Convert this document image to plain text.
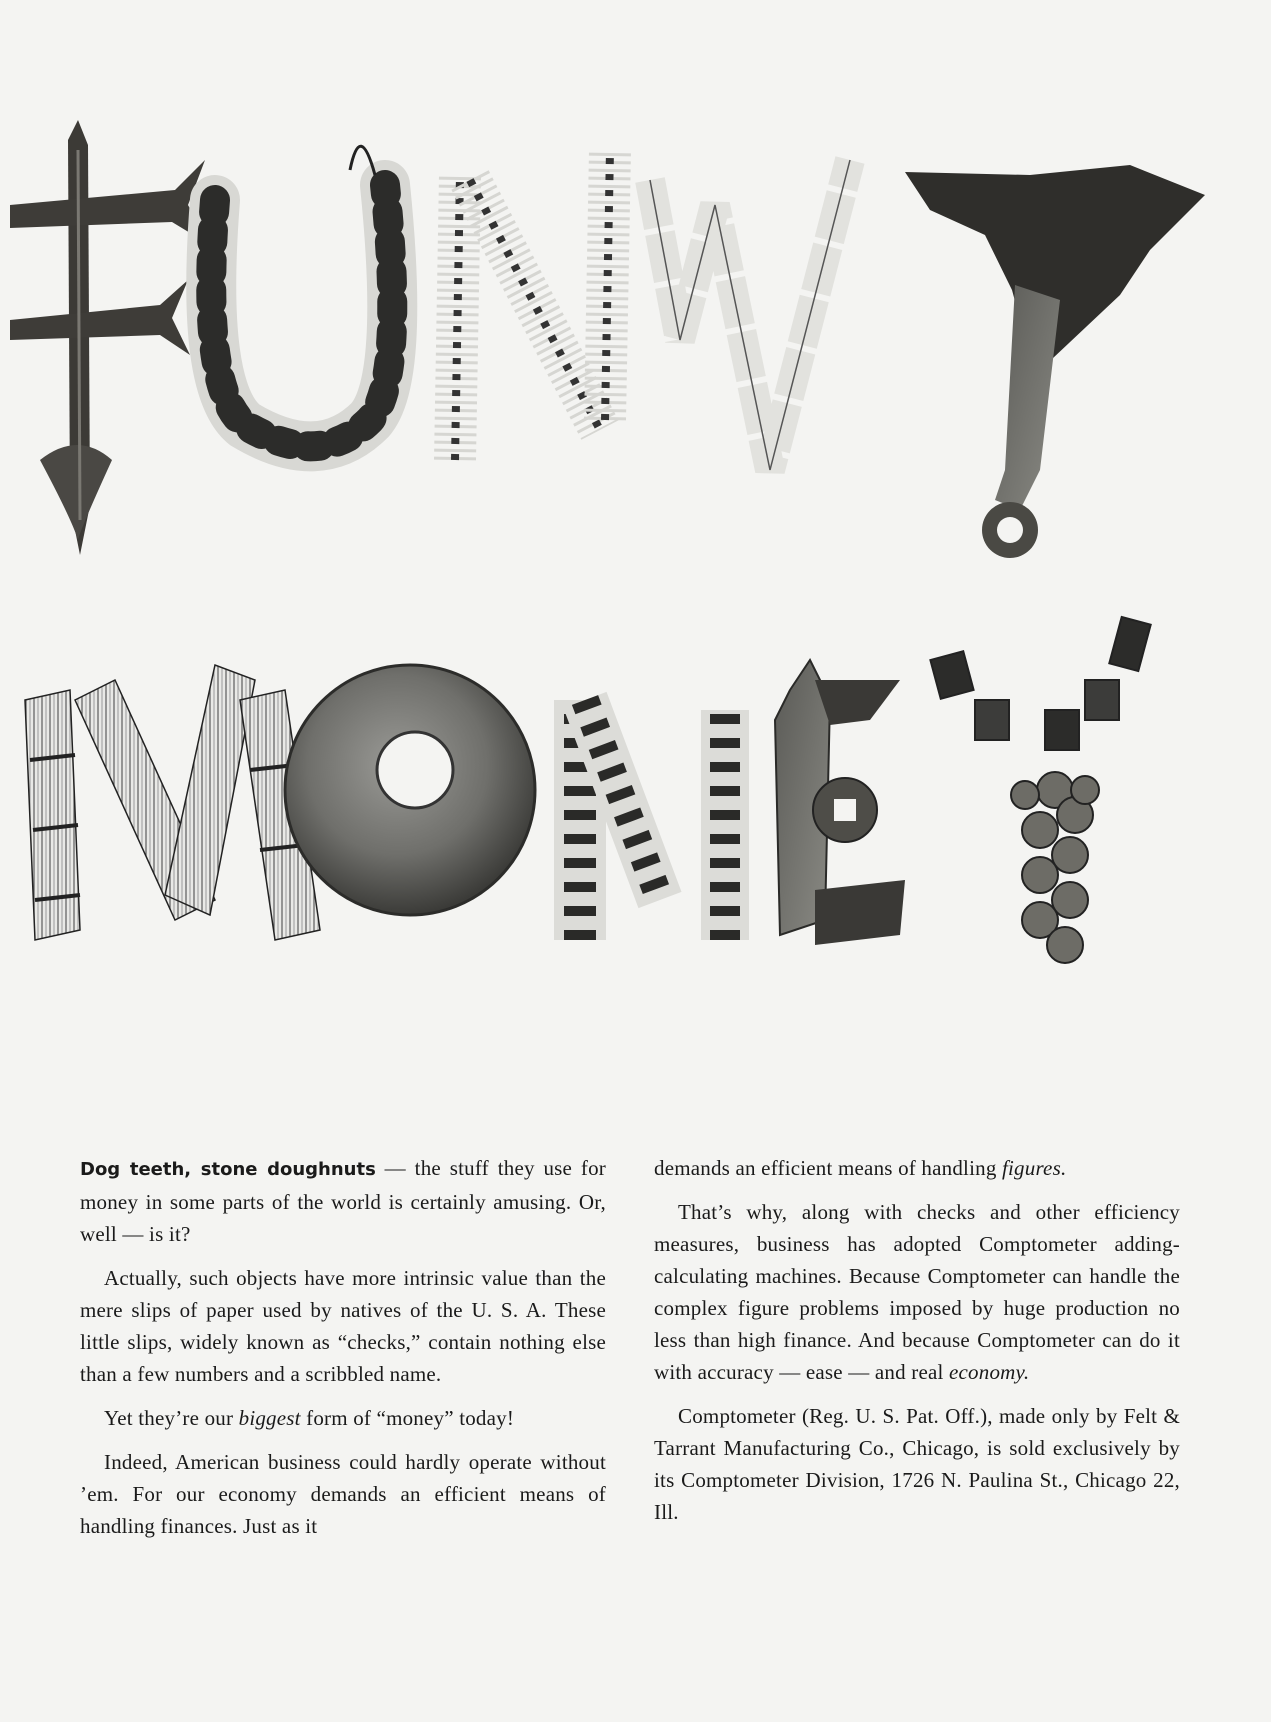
FUNNY
MONEY

Dog teeth, stone doughnuts — the stuff they use for money in some parts of the world is certainly amusing. Or, well — is it?

Actually, such objects have more intrinsic value than the mere slips of paper used by natives of the U. S. A. These little slips, widely known as “checks,” contain nothing else than a few numbers and a scribbled name.

Yet they’re our biggest form of “money” today!

Indeed, American business could hardly operate without ’em. For our economy demands an efficient means of handling finances. Just as it

demands an efficient means of handling figures.

That’s why, along with checks and other efficiency measures, business has adopted Comptometer adding-calculating machines. Because Comptometer can handle the complex figure problems imposed by huge production no less than high finance. And because Comptometer can do it with accuracy — ease — and real economy.

Comptometer (Reg. U. S. Pat. Off.), made only by Felt & Tarrant Manufacturing Co., Chicago, is sold exclusively by its Comptometer Division, 1726 N. Paulina St., Chicago 22, Ill.
